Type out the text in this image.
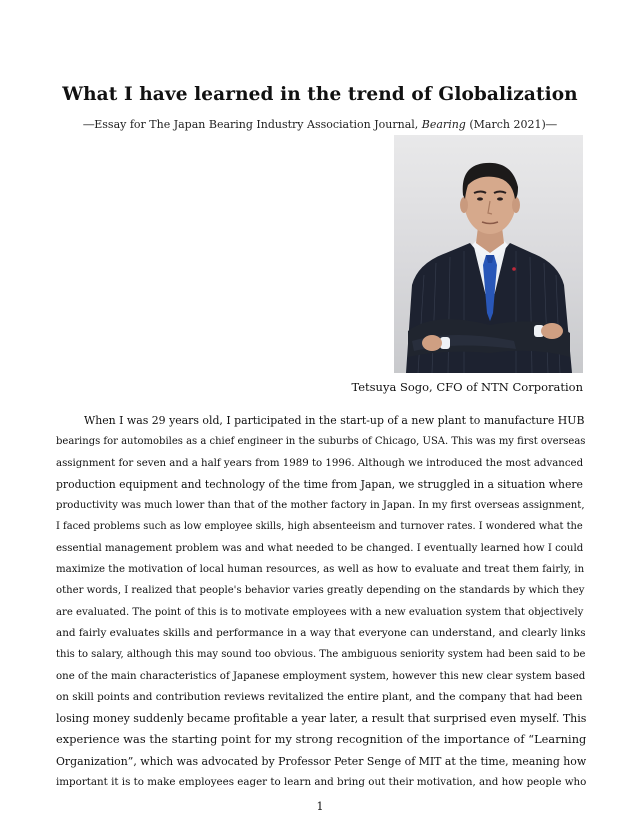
What I have learned in the trend of Globalization
―Essay for The Japan Bearing Industry Association Journal, Bearing (March 2021)―
Tetsuya Sogo, CFO of NTN Corporation
When I was 29 years old, I participated in the start-up of a new plant to manufacture HUB
bearings for automobiles as a chief engineer in the suburbs of Chicago, USA. This was my first overseas
assignment for seven and a half years from 1989 to 1996. Although we introduced the most advanced
production equipment and technology of the time from Japan, we struggled in a situation where
productivity was much lower than that of the mother factory in Japan. In my first overseas assignment,
I faced problems such as low employee skills, high absenteeism and turnover rates. I wondered what the
essential management problem was and what needed to be changed. I eventually learned how I could
maximize the motivation of local human resources, as well as how to evaluate and treat them fairly, in
other words, I realized that people's behavior varies greatly depending on the standards by which they
are evaluated. The point of this is to motivate employees with a new evaluation system that objectively
and fairly evaluates skills and performance in a way that everyone can understand, and clearly links
this to salary, although this may sound too obvious. The ambiguous seniority system had been said to be
one of the main characteristics of Japanese employment system, however this new clear system based
on skill points and contribution reviews revitalized the entire plant, and the company that had been
losing money suddenly became profitable a year later, a result that surprised even myself. This
experience was the starting point for my strong recognition of the importance of “Learning
Organization”, which was advocated by Professor Peter Senge of MIT at the time, meaning how
important it is to make employees eager to learn and bring out their motivation, and how people who
1
